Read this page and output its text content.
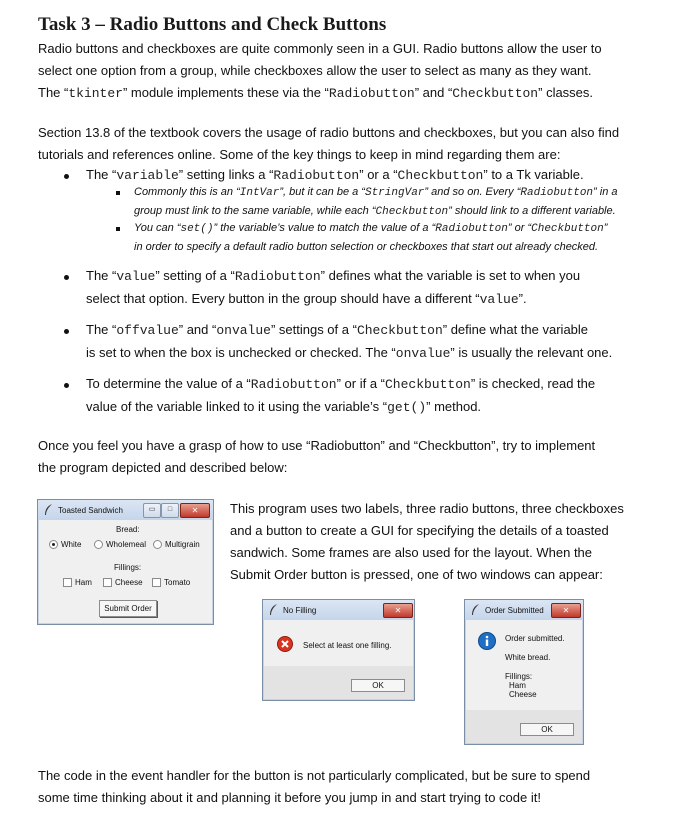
Task 3 – Radio Buttons and Check Buttons
Radio buttons and checkboxes are quite commonly seen in a GUI. Radio buttons allow the user to
select one option from a group, while checkboxes allow the user to select as many as they want.
The “tkinter” module implements these via the “Radiobutton” and “Checkbutton” classes.
Section 13.8 of the textbook covers the usage of radio buttons and checkboxes, but you can also find
tutorials and references online. Some of the key things to keep in mind regarding them are:
The “variable” setting links a “Radiobutton” or a “Checkbutton” to a Tk variable.
Commonly this is an “IntVar”, but it can be a “StringVar” and so on. Every “Radiobutton” in a
group must link to the same variable, while each “Checkbutton” should link to a different variable.
You can “set()” the variable’s value to match the value of a “Radiobutton” or “Checkbutton”
in order to specify a default radio button selection or checkboxes that start out already checked.
The “value” setting of a “Radiobutton” defines what the variable is set to when you
select that option. Every button in the group should have a different “value”.
The “offvalue” and “onvalue” settings of a “Checkbutton” define what the variable
is set to when the box is unchecked or checked. The “onvalue” is usually the relevant one.
To determine the value of a “Radiobutton” or if a “Checkbutton” is checked, read the
value of the variable linked to it using the variable’s “get()” method.
Once you feel you have a grasp of how to use “Radiobutton” and “Checkbutton”, try to implement
the program depicted and described below:
Toasted Sandwich	▭	□	✕
Bread:
White	Wholemeal	Multigrain
Fillings:
Ham	Cheese	Tomato
Submit Order
This program uses two labels, three radio buttons, three checkboxes
and a button to create a GUI for specifying the details of a toasted
sandwich. Some frames are also used for the layout. When the
Submit Order button is pressed, one of two windows can appear:
No Filling	✕
Select at least one filling.
OK
Order Submitted	✕
Order submitted.
White bread.
Fillings:
Ham
Cheese
OK
The code in the event handler for the button is not particularly complicated, but be sure to spend
some time thinking about it and planning it before you jump in and start trying to code it!
